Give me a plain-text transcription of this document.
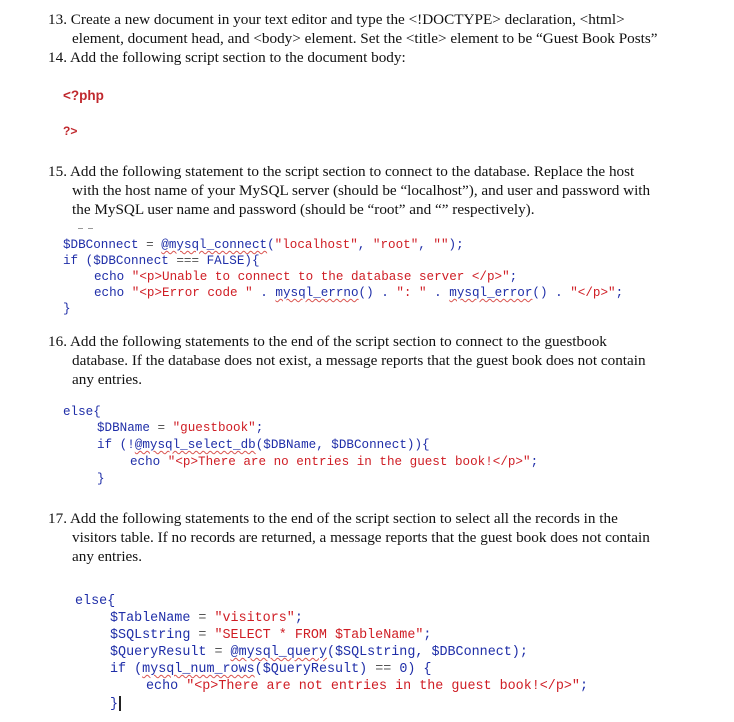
13. Create a new document in your text editor and type the <!DOCTYPE> declaration, <html>
element, document head, and <body> element. Set the <title> element to be “Guest Book Posts”
14. Add the following script section to the document body:
<?php
?>
15. Add the following statement to the script section to connect to the database. Replace the host
with the host name of your MySQL server (should be “localhost”), and user and password with
the MySQL user name and password (should be “root” and “” respectively).
$DBConnect = @mysql_connect("localhost", "root", "");
if ($DBConnect === FALSE){
echo "<p>Unable to connect to the database server </p>";
echo "<p>Error code " . mysql_errno() . ": " . mysql_error() . "</p>";
}
16. Add the following statements to the end of the script section to connect to the guestbook
database. If the database does not exist, a message reports that the guest book does not contain
any entries.
else{
$DBName = "guestbook";
if (!@mysql_select_db($DBName, $DBConnect)){
echo "<p>There are no entries in the guest book!</p>";
}
17. Add the following statements to the end of the script section to select all the records in the
visitors table. If no records are returned, a message reports that the guest book does not contain
any entries.
else{
$TableName = "visitors";
$SQLstring = "SELECT * FROM $TableName";
$QueryResult = @mysql_query($SQLstring, $DBConnect);
if (mysql_num_rows($QueryResult) == 0) {
echo "<p>There are not entries in the guest book!</p>";
}
